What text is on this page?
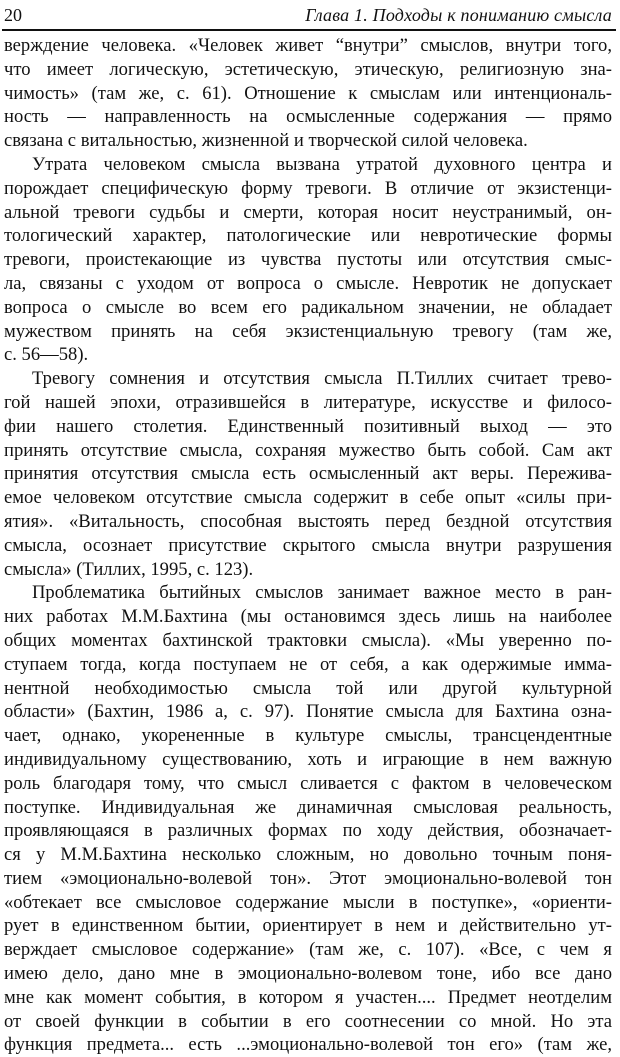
20	Глава 1. Подходы к пониманию смысла
верждение человека. «Человек живет “внутри” смыслов, внутри того,
что имеет логическую, эстетическую, этическую, религиозную зна-
чимость» (там же, с. 61). Отношение к смыслам или интенциональ-
ность — направленность на осмысленные содержания — прямо
связана с витальностью, жизненной и творческой силой человека.
Утрата человеком смысла вызвана утратой духовного центра и
порождает специфическую форму тревоги. В отличие от экзистенци-
альной тревоги судьбы и смерти, которая носит неустранимый, он-
тологический характер, патологические или невротические формы
тревоги, проистекающие из чувства пустоты или отсутствия смыс-
ла, связаны с уходом от вопроса о смысле. Невротик не допускает
вопроса о смысле во всем его радикальном значении, не обладает
мужеством принять на себя экзистенциальную тревогу (там же,
с. 56—58).
Тревогу сомнения и отсутствия смысла П.Тиллих считает трево-
гой нашей эпохи, отразившейся в литературе, искусстве и филосо-
фии нашего столетия. Единственный позитивный выход — это
принять отсутствие смысла, сохраняя мужество быть собой. Сам акт
принятия отсутствия смысла есть осмысленный акт веры. Пережива-
емое человеком отсутствие смысла содержит в себе опыт «силы при-
ятия». «Витальность, способная выстоять перед бездной отсутствия
смысла, осознает присутствие скрытого смысла внутри разрушения
смысла» (Тиллих, 1995, с. 123).
Проблематика бытийных смыслов занимает важное место в ран-
них работах М.М.Бахтина (мы остановимся здесь лишь на наиболее
общих моментах бахтинской трактовки смысла). «Мы уверенно по-
ступаем тогда, когда поступаем не от себя, а как одержимые имма-
нентной необходимостью смысла той или другой культурной
области» (Бахтин, 1986 а, с. 97). Понятие смысла для Бахтина озна-
чает, однако, укорененные в культуре смыслы, трансцендентные
индивидуальному существованию, хоть и играющие в нем важную
роль благодаря тому, что смысл сливается с фактом в человеческом
поступке. Индивидуальная же динамичная смысловая реальность,
проявляющаяся в различных формах по ходу действия, обозначает-
ся у М.М.Бахтина несколько сложным, но довольно точным поня-
тием «эмоционально-волевой тон». Этот эмоционально-волевой тон
«обтекает все смысловое содержание мысли в поступке», «ориенти-
рует в единственном бытии, ориентирует в нем и действительно ут-
верждает смысловое содержание» (там же, с. 107). «Все, с чем я
имею дело, дано мне в эмоционально-волевом тоне, ибо все дано
мне как момент события, в котором я участен.... Предмет неотделим
от своей функции в событии в его соотнесении со мной. Но эта
функция предмета... есть ...эмоционально-волевой тон его» (там же,
